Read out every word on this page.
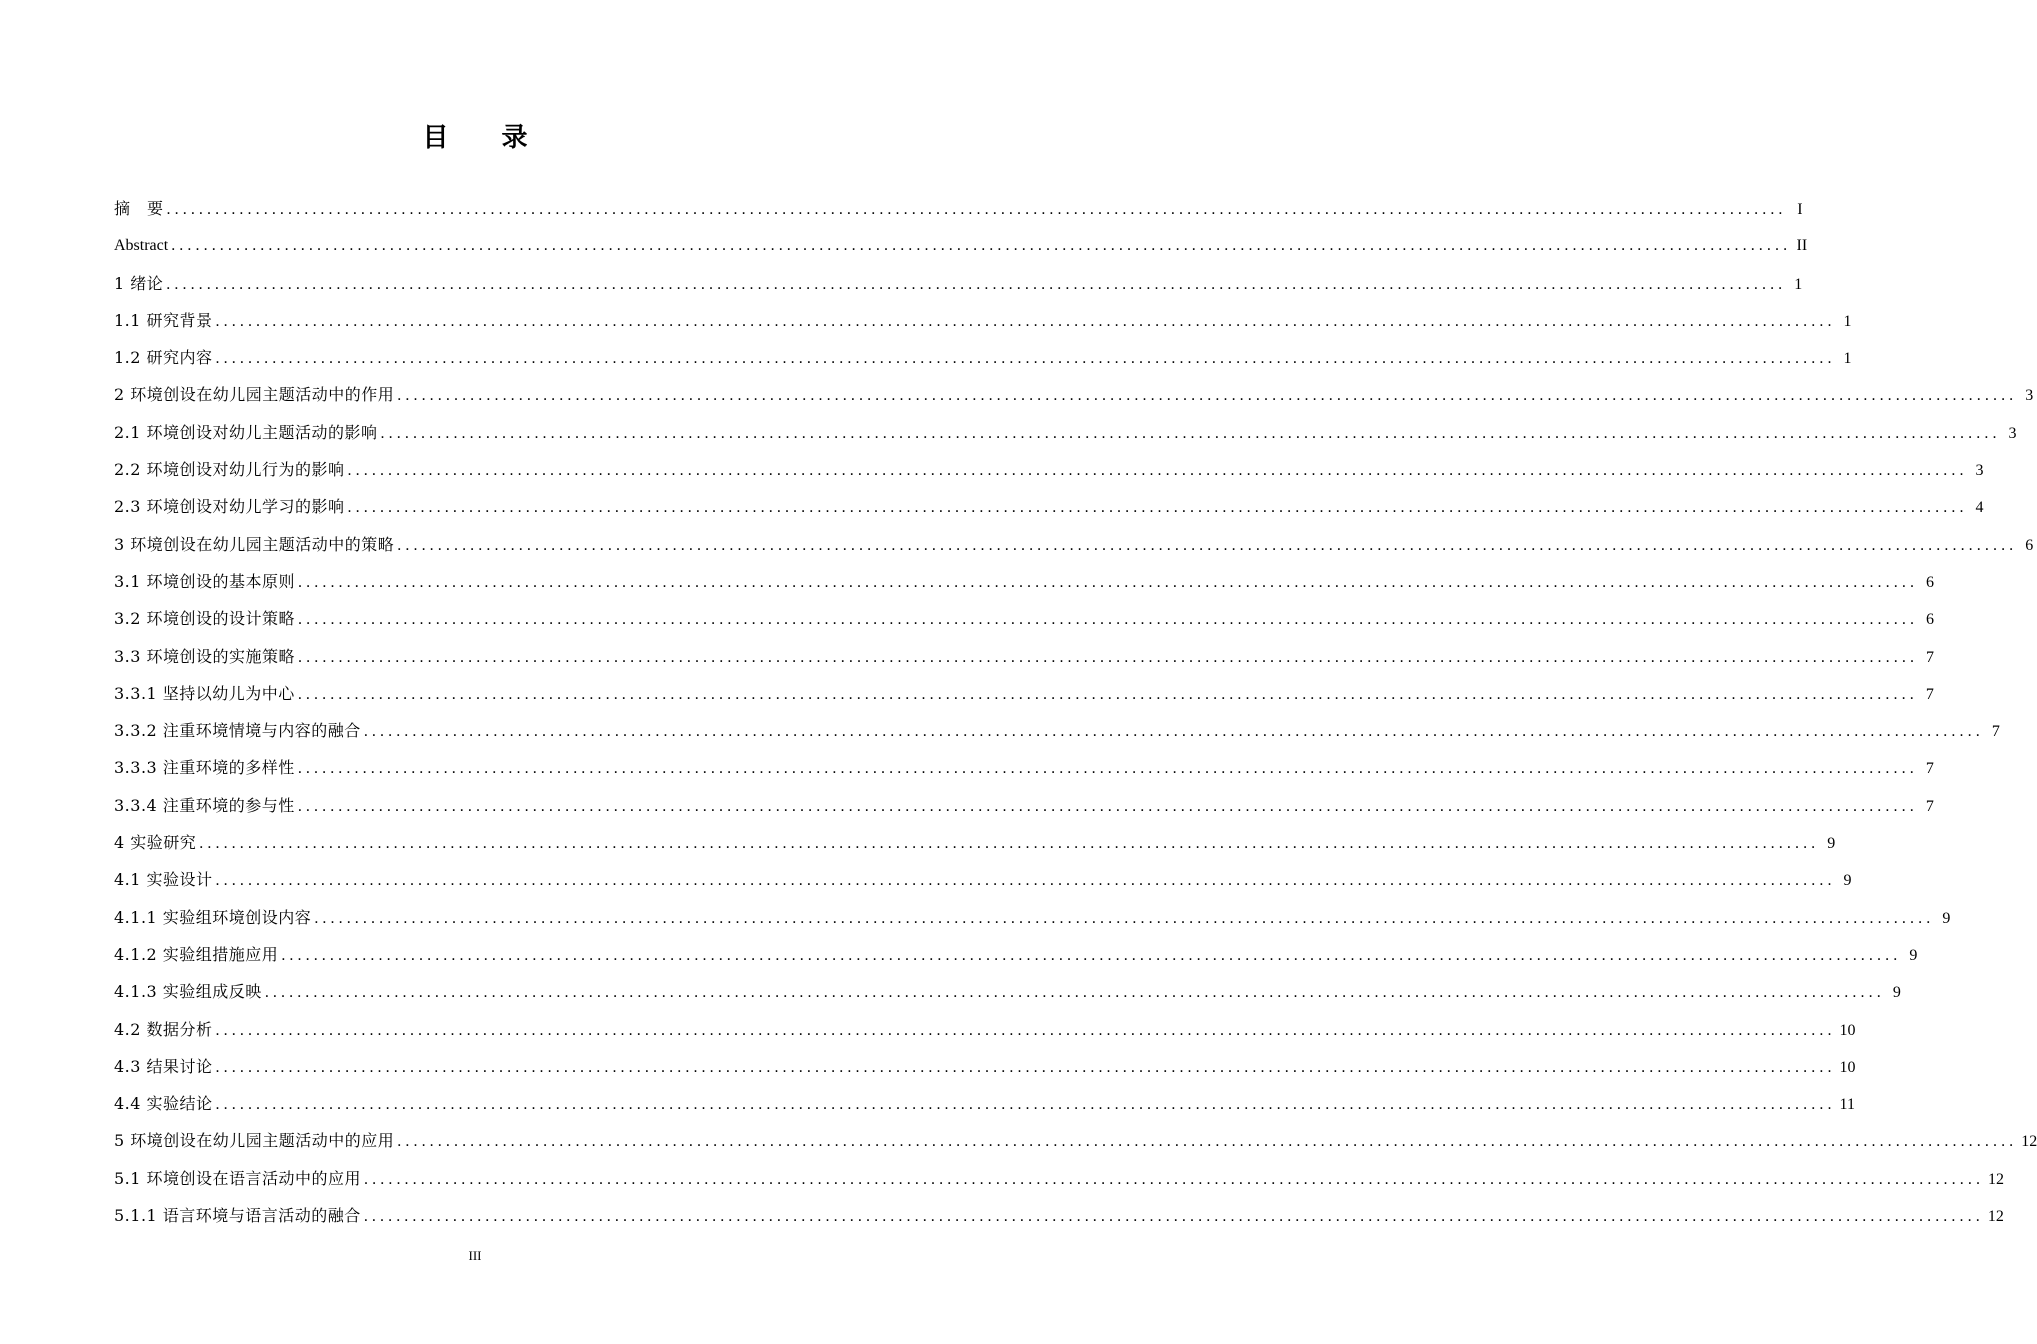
目 录
摘　要 ........................................................................................................................................................................................................ I
Abstract ........................................................................................................................................................................................................ II
1 绪论 ........................................................................................................................................................................................................ 1
1.1 研究背景 ........................................................................................................................................................................................................ 1
1.2 研究内容 ........................................................................................................................................................................................................ 1
2 环境创设在幼儿园主题活动中的作用 ........................................................................................................................................................................................................ 3
2.1 环境创设对幼儿主题活动的影响 ........................................................................................................................................................................................................ 3
2.2 环境创设对幼儿行为的影响 ........................................................................................................................................................................................................ 3
2.3 环境创设对幼儿学习的影响 ........................................................................................................................................................................................................ 4
3 环境创设在幼儿园主题活动中的策略 ........................................................................................................................................................................................................ 6
3.1 环境创设的基本原则 ........................................................................................................................................................................................................ 6
3.2 环境创设的设计策略 ........................................................................................................................................................................................................ 6
3.3 环境创设的实施策略 ........................................................................................................................................................................................................ 7
3.3.1 坚持以幼儿为中心 ........................................................................................................................................................................................................ 7
3.3.2 注重环境情境与内容的融合 ........................................................................................................................................................................................................ 7
3.3.3 注重环境的多样性 ........................................................................................................................................................................................................ 7
3.3.4 注重环境的参与性 ........................................................................................................................................................................................................ 7
4 实验研究 ........................................................................................................................................................................................................ 9
4.1 实验设计 ........................................................................................................................................................................................................ 9
4.1.1 实验组环境创设内容 ........................................................................................................................................................................................................ 9
4.1.2 实验组措施应用 ........................................................................................................................................................................................................ 9
4.1.3 实验组成反映 ........................................................................................................................................................................................................ 9
4.2 数据分析 ........................................................................................................................................................................................................ 10
4.3 结果讨论 ........................................................................................................................................................................................................ 10
4.4 实验结论 ........................................................................................................................................................................................................ 11
5 环境创设在幼儿园主题活动中的应用 ........................................................................................................................................................................................................ 12
5.1 环境创设在语言活动中的应用 ........................................................................................................................................................................................................ 12
5.1.1 语言环境与语言活动的融合 ........................................................................................................................................................................................................ 12
III
